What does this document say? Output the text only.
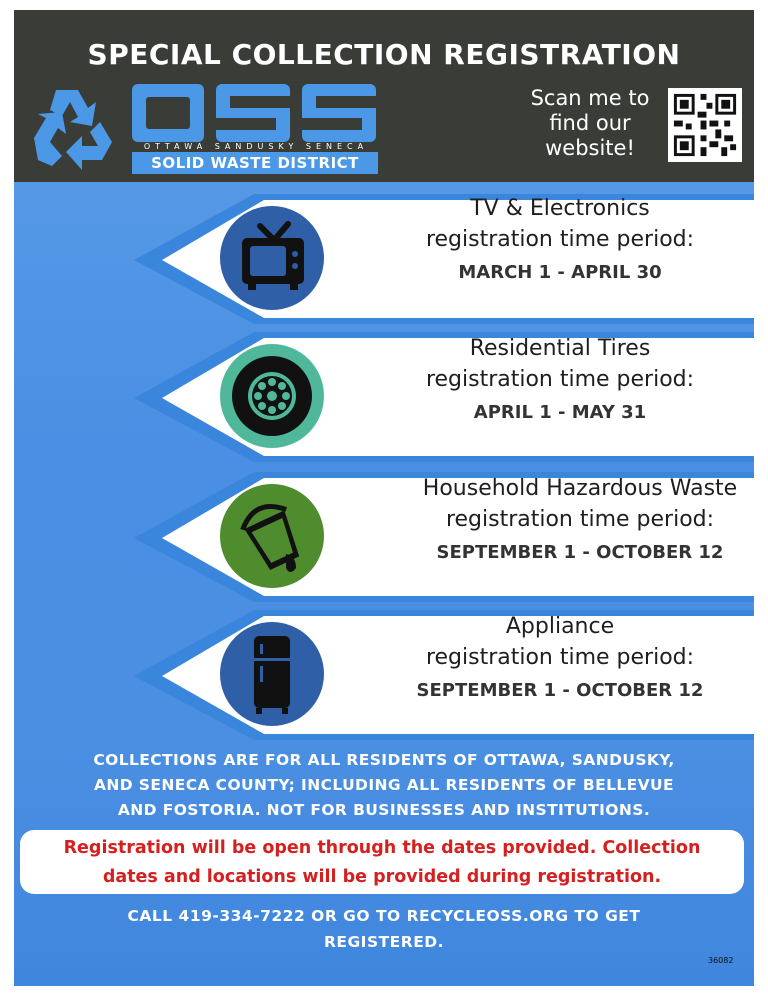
SPECIAL COLLECTION REGISTRATION
OTTAWA SANDUSKY SENECA
SOLID WASTE DISTRICT
Scan me to
find our
website!
TV & Electronics
registration time period:
MARCH 1 - APRIL 30
Residential Tires
registration time period:
APRIL 1 - MAY 31
Household Hazardous Waste
registration time period:
SEPTEMBER 1 - OCTOBER 12
Appliance
registration time period:
SEPTEMBER 1 - OCTOBER 12
COLLECTIONS ARE FOR ALL RESIDENTS OF OTTAWA, SANDUSKY,
AND SENECA COUNTY; INCLUDING ALL RESIDENTS OF BELLEVUE
AND FOSTORIA. NOT FOR BUSINESSES AND INSTITUTIONS.
Registration will be open through the dates provided. Collection
dates and locations will be provided during registration.
CALL 419-334-7222 OR GO TO RECYCLEOSS.ORG TO GET
REGISTERED.
36082
